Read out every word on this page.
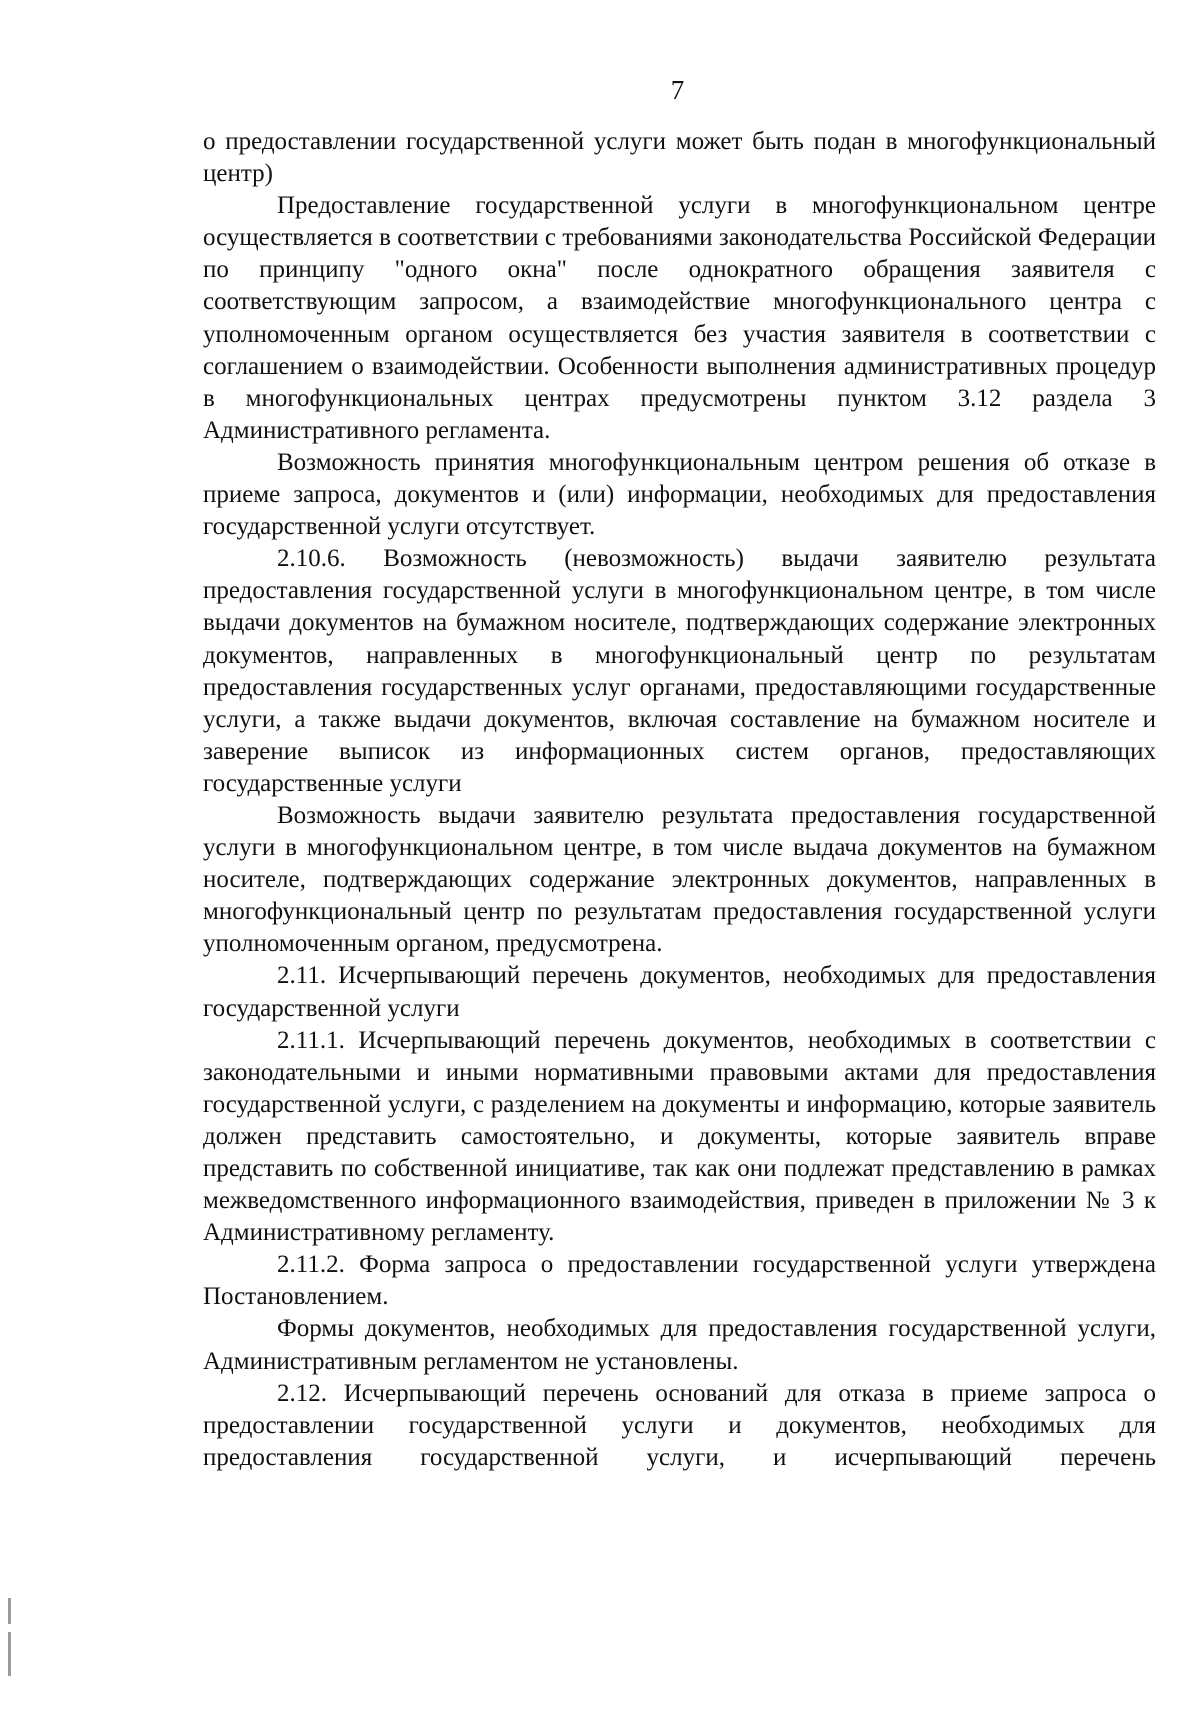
7

о предоставлении государственной услуги может быть подан в многофункциональный центр)

Предоставление государственной услуги в многофункциональном центре осуществляется в соответствии с требованиями законодательства Российской Федерации по принципу "одного окна" после однократного обращения заявителя с соответствующим запросом, а взаимодействие многофункционального центра с уполномоченным органом осуществляется без участия заявителя в соответствии с соглашением о взаимодействии. Особенности выполнения административных процедур в многофункциональных центрах предусмотрены пунктом 3.12 раздела 3 Административного регламента.

Возможность принятия многофункциональным центром решения об отказе в приеме запроса, документов и (или) информации, необходимых для предоставления государственной услуги отсутствует.

2.10.6. Возможность (невозможность) выдачи заявителю результата предоставления государственной услуги в многофункциональном центре, в том числе выдачи документов на бумажном носителе, подтверждающих содержание электронных документов, направленных в многофункциональный центр по результатам предоставления государственных услуг органами, предоставляющими государственные услуги, а также выдачи документов, включая составление на бумажном носителе и заверение выписок из информационных систем органов, предоставляющих государственные услуги

Возможность выдачи заявителю результата предоставления государственной услуги в многофункциональном центре, в том числе выдача документов на бумажном носителе, подтверждающих содержание электронных документов, направленных в многофункциональный центр по результатам предоставления государственной услуги уполномоченным органом, предусмотрена.

2.11. Исчерпывающий перечень документов, необходимых для предоставления государственной услуги

2.11.1. Исчерпывающий перечень документов, необходимых в соответствии с законодательными и иными нормативными правовыми актами для предоставления государственной услуги, с разделением на документы и информацию, которые заявитель должен представить самостоятельно, и документы, которые заявитель вправе представить по собственной инициативе, так как они подлежат представлению в рамках межведомственного информационного взаимодействия, приведен в приложении № 3 к Административному регламенту.

2.11.2. Форма запроса о предоставлении государственной услуги утверждена Постановлением.

Формы документов, необходимых для предоставления государственной услуги, Административным регламентом не установлены.

2.12. Исчерпывающий перечень оснований для отказа в приеме запроса о предоставлении государственной услуги и документов, необходимых для предоставления государственной услуги, и исчерпывающий перечень
